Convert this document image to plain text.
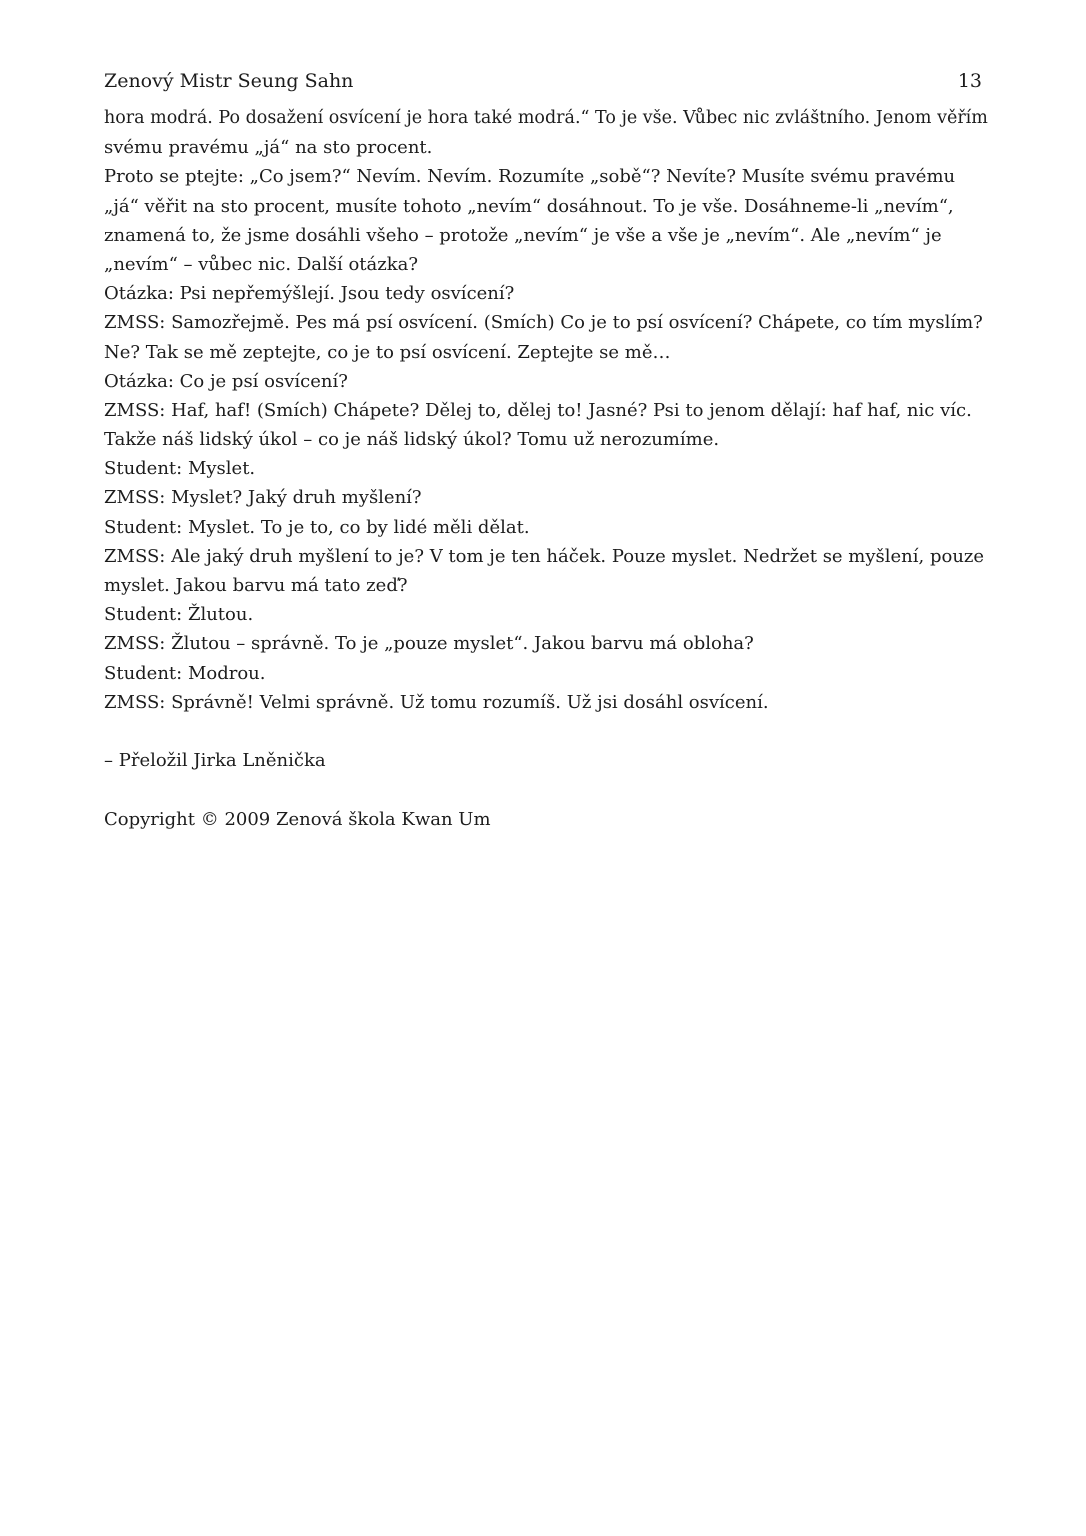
Zenový Mistr Seung Sahn	13
hora modrá. Po dosažení osvícení je hora také modrá.“ To je vše. Vůbec nic zvláštního. Jenom věřím
svému pravému „já“ na sto procent.
Proto se ptejte: „Co jsem?“ Nevím. Nevím. Rozumíte „sobě“? Nevíte? Musíte svému pravému
„já“ věřit na sto procent, musíte tohoto „nevím“ dosáhnout. To je vše. Dosáhneme-li „nevím“,
znamená to, že jsme dosáhli všeho – protože „nevím“ je vše a vše je „nevím“. Ale „nevím“ je
„nevím“ – vůbec nic. Další otázka?
Otázka: Psi nepřemýšlejí. Jsou tedy osvícení?
ZMSS: Samozřejmě. Pes má psí osvícení. (Smích) Co je to psí osvícení? Chápete, co tím myslím?
Ne? Tak se mě zeptejte, co je to psí osvícení. Zeptejte se mě…
Otázka: Co je psí osvícení?
ZMSS: Haf, haf! (Smích) Chápete? Dělej to, dělej to! Jasné? Psi to jenom dělají: haf haf, nic víc.
Takže náš lidský úkol – co je náš lidský úkol? Tomu už nerozumíme.
Student: Myslet.
ZMSS: Myslet? Jaký druh myšlení?
Student: Myslet. To je to, co by lidé měli dělat.
ZMSS: Ale jaký druh myšlení to je? V tom je ten háček. Pouze myslet. Nedržet se myšlení, pouze
myslet. Jakou barvu má tato zeď?
Student: Žlutou.
ZMSS: Žlutou – správně. To je „pouze myslet“. Jakou barvu má obloha?
Student: Modrou.
ZMSS: Správně! Velmi správně. Už tomu rozumíš. Už jsi dosáhl osvícení.
– Přeložil Jirka Lněnička
Copyright © 2009 Zenová škola Kwan Um
